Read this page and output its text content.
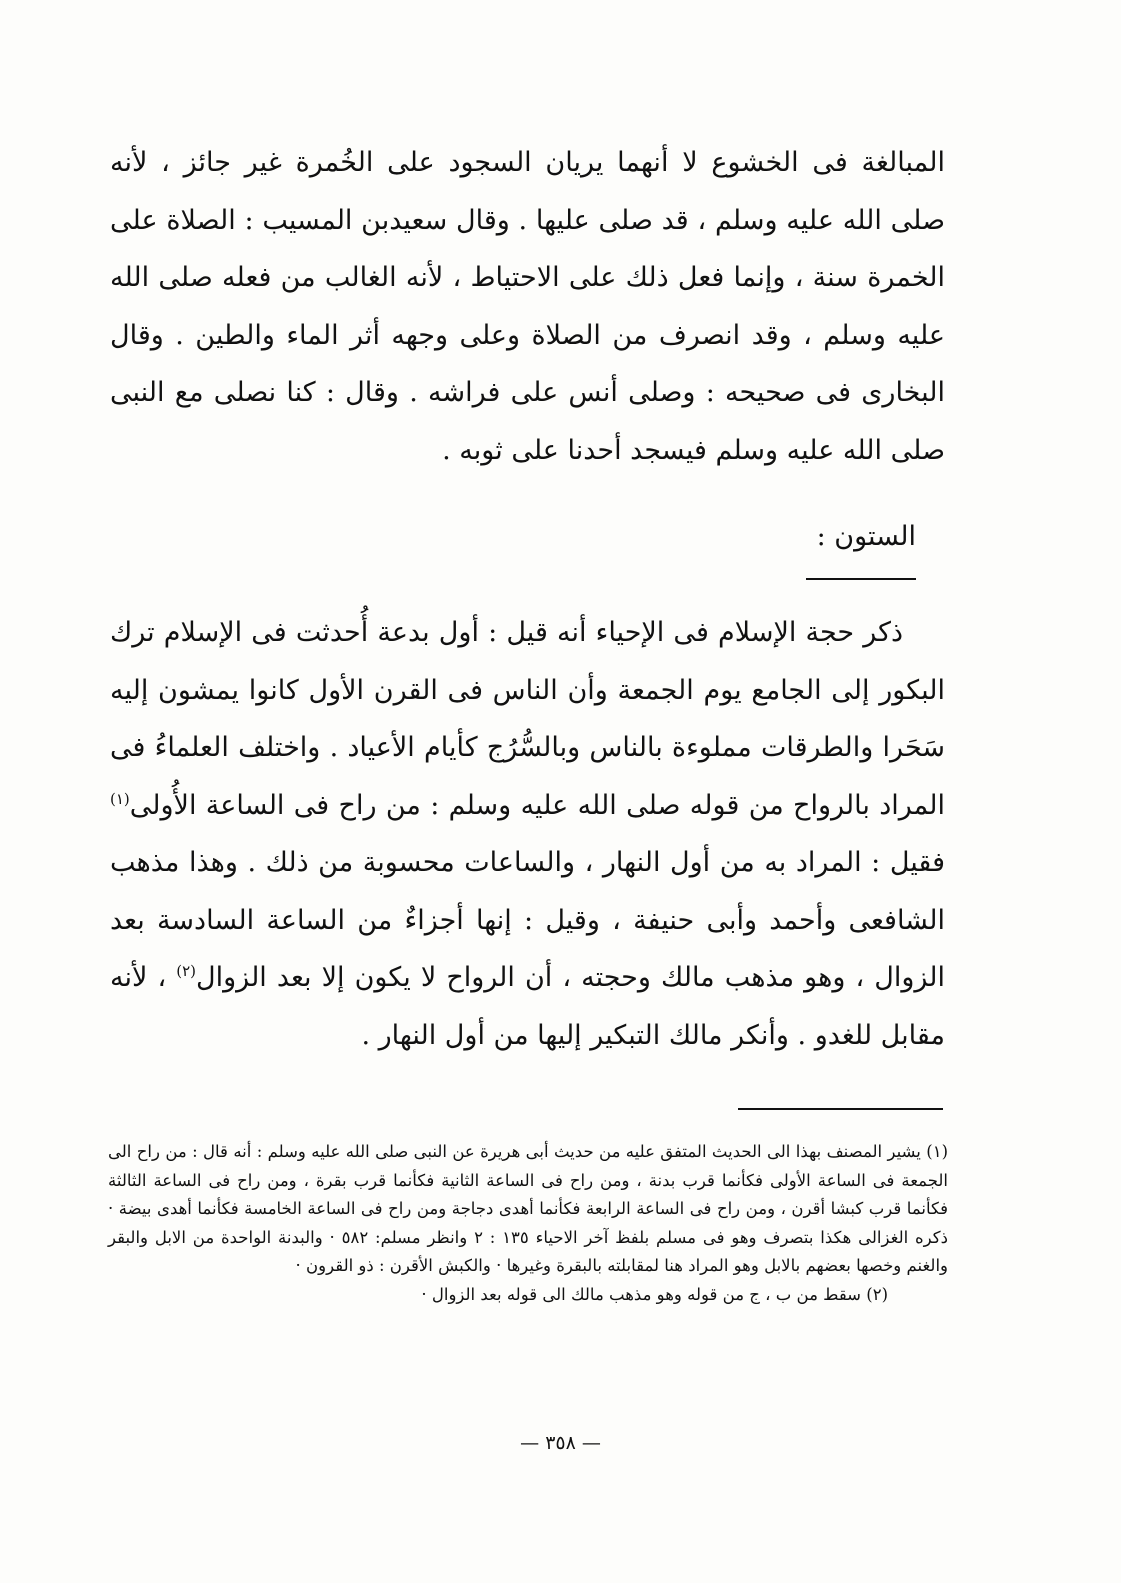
المبالغة فى الخشوع لا أنهما يريان السجود على الخُمرة غير جائز ، لأنه صلى الله عليه وسلم ، قد صلى عليها . وقال سعيدبن المسيب : الصلاة على الخمرة سنة ، وإنما فعل ذلك على الاحتياط ، لأنه الغالب من فعله صلى الله عليه وسلم ، وقد انصرف من الصلاة وعلى وجهه أثر الماء والطين . وقال البخارى فى صحيحه : وصلى أنس على فراشه . وقال : كنا نصلى مع النبى صلى الله عليه وسلم فيسجد أحدنا على ثوبه .

الستون :

ذكر حجة الإسلام فى الإحياء أنه قيل : أول بدعة أُحدثت فى الإسلام ترك البكور إلى الجامع يوم الجمعة وأن الناس فى القرن الأول كانوا يمشون إليه سَحَرا والطرقات مملوءة بالناس وبالسُّرُج كأيام الأعياد . واختلف العلماءُ فى المراد بالرواح من قوله صلى الله عليه وسلم : من راح فى الساعة الأُولى$^{(١)}$ فقيل : المراد به من أول النهار ، والساعات محسوبة من ذلك . وهذا مذهب الشافعى وأحمد وأبى حنيفة ، وقيل : إنها أجزاءٌ من الساعة السادسة بعد الزوال ، وهو مذهب مالك وحجته ، أن الرواح لا يكون إلا بعد الزوال$^{(٢)}$ ، لأنه مقابل للغدو . وأنكر مالك التبكير إليها من أول النهار .

(١) يشير المصنف بهذا الى الحديث المتفق عليه من حديث أبى هريرة عن النبى صلى الله عليه وسلم : أنه قال : من راح الى الجمعة فى الساعة الأولى فكأنما قرب بدنة ، ومن راح فى الساعة الثانية فكأنما قرب بقرة ، ومن راح فى الساعة الثالثة فكأنما قرب كبشا أقرن ، ومن راح فى الساعة الرابعة فكأنما أهدى دجاجة ومن راح فى الساعة الخامسة فكأنما أهدى بيضة · ذكره الغزالى هكذا بتصرف وهو فى مسلم بلفظ آخر الاحياء ١٣٥ : ٢ وانظر مسلم: ٥٨٢ · والبدنة الواحدة من الابل والبقر والغنم وخصها بعضهم بالابل وهو المراد هنا لمقابلته بالبقرة وغيرها · والكبش الأقرن : ذو القرون ·

(٢) سقط من ب ، ج من قوله وهو مذهب مالك الى قوله بعد الزوال ·

— ٣٥٨ —
